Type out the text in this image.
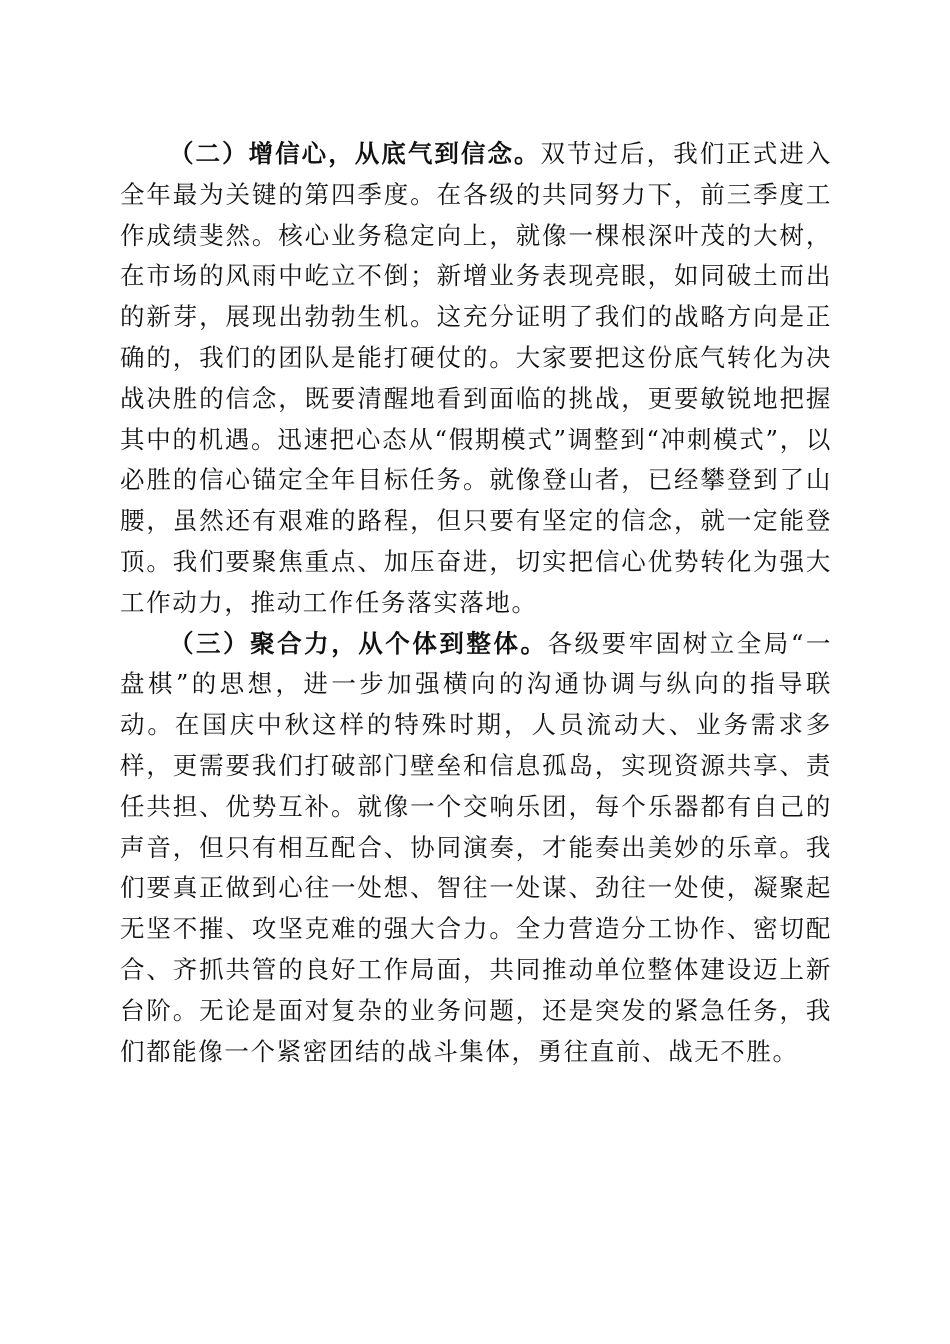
（二）增信心，从底气到信念。双节过后，我们正式进入全年最为关键的第四季度。在各级的共同努力下，前三季度工作成绩斐然。核心业务稳定向上，就像一棵根深叶茂的大树，在市场的风雨中屹立不倒；新增业务表现亮眼，如同破土而出的新芽，展现出勃勃生机。这充分证明了我们的战略方向是正确的，我们的团队是能打硬仗的。大家要把这份底气转化为决战决胜的信念，既要清醒地看到面临的挑战，更要敏锐地把握其中的机遇。迅速把心态从“假期模式”调整到“冲刺模式”，以必胜的信心锚定全年目标任务。就像登山者，已经攀登到了山腰，虽然还有艰难的路程，但只要有坚定的信念，就一定能登顶。我们要聚焦重点、加压奋进，切实把信心优势转化为强大工作动力，推动工作任务落实落地。

（三）聚合力，从个体到整体。各级要牢固树立全局“一盘棋”的思想，进一步加强横向的沟通协调与纵向的指导联动。在国庆中秋这样的特殊时期，人员流动大、业务需求多样，更需要我们打破部门壁垒和信息孤岛，实现资源共享、责任共担、优势互补。就像一个交响乐团，每个乐器都有自己的声音，但只有相互配合、协同演奏，才能奏出美妙的乐章。我们要真正做到心往一处想、智往一处谋、劲往一处使，凝聚起无坚不摧、攻坚克难的强大合力。全力营造分工协作、密切配合、齐抓共管的良好工作局面，共同推动单位整体建设迈上新台阶。无论是面对复杂的业务问题，还是突发的紧急任务，我们都能像一个紧密团结的战斗集体，勇往直前、战无不胜。
